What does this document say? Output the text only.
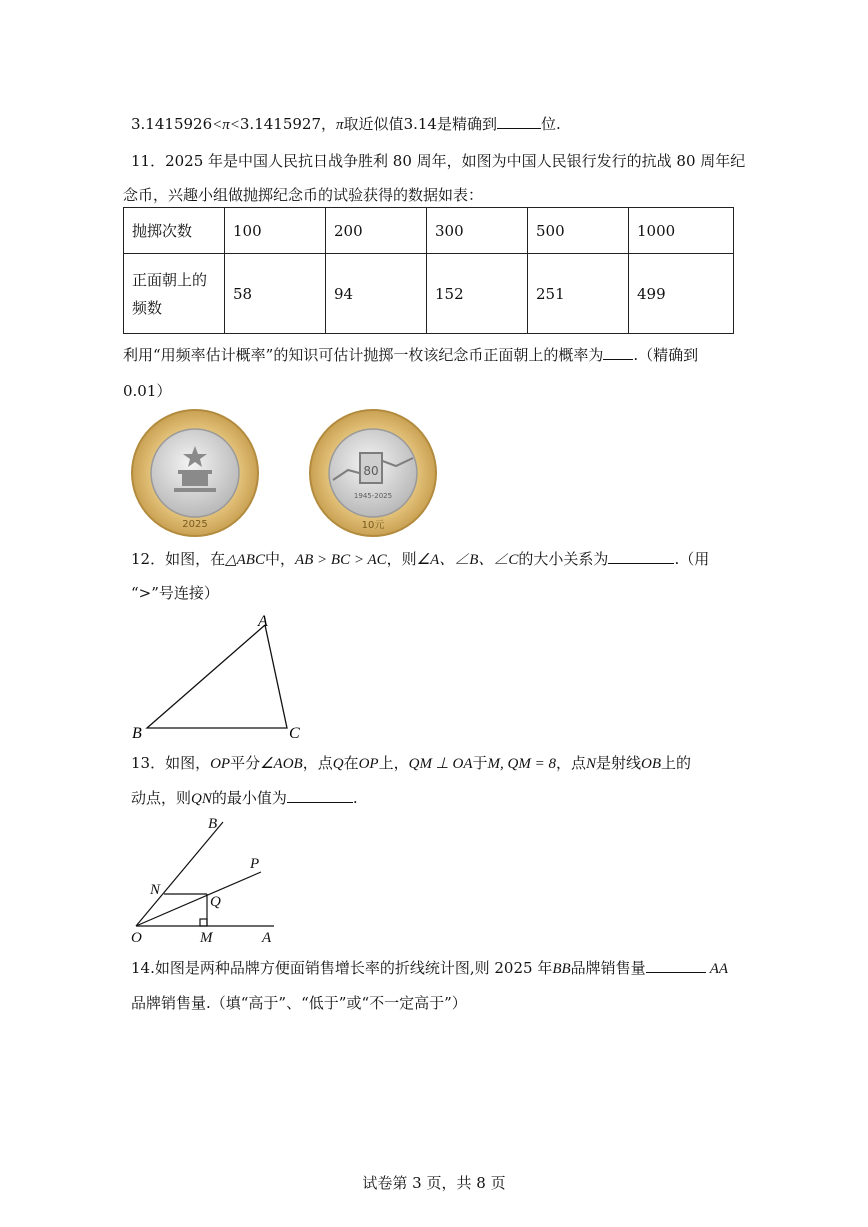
3.1415926<π<3.1415927，π取近似值3.14是精确到	位.
11．2025 年是中国人民抗日战争胜利 80 周年，如图为中国人民银行发行的抗战 80 周年纪
念币，兴趣小组做抛掷纪念币的试验获得的数据如表：
抛掷次数	100	200	300	500	1000

正面朝上的
频数	58	94	152	251	499
利用“用频率估计概率”的知识可估计抛掷一枚该纪念币正面朝上的概率为 .（精确到
0.01）
2025
80
1945-2025
10元
12．如图，在△ABC中，AB > BC > AC，则∠A、∠B、∠C的大小关系为	.（用
“>”号连接）
A
B	C
13．如图，OP平分∠AOB，点Q在OP上，QM ⊥ OA于M, QM = 8，点N是射线OB上的
动点，则QN的最小值为	.
B
P
N
Q
O	M	A
14.如图是两种品牌方便面销售增长率的折线统计图,则 2025 年BB品牌销售量	AA
品牌销售量.（填“高于”、“低于”或“不一定高于”）
试卷第 3 页，共 8 页
